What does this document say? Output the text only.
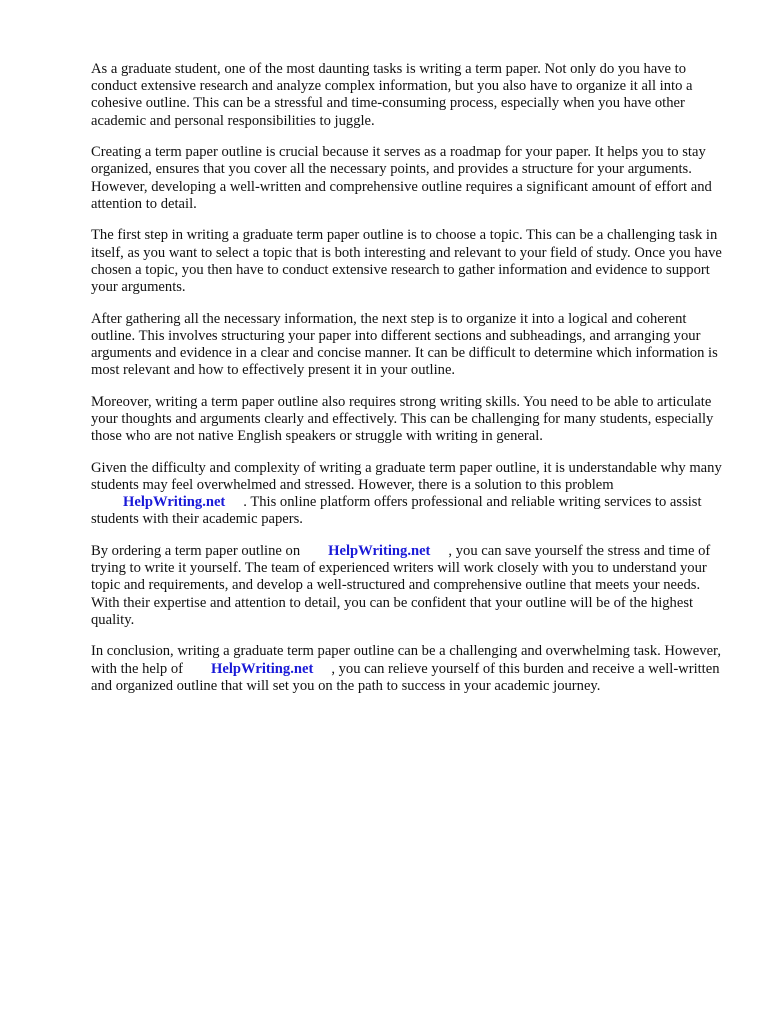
As a graduate student, one of the most daunting tasks is writing a term paper. Not only do you have to conduct extensive research and analyze complex information, but you also have to organize it all into a cohesive outline. This can be a stressful and time-consuming process, especially when you have other academic and personal responsibilities to juggle.

Creating a term paper outline is crucial because it serves as a roadmap for your paper. It helps you to stay organized, ensures that you cover all the necessary points, and provides a structure for your arguments. However, developing a well-written and comprehensive outline requires a significant amount of effort and attention to detail.

The first step in writing a graduate term paper outline is to choose a topic. This can be a challenging task in itself, as you want to select a topic that is both interesting and relevant to your field of study. Once you have chosen a topic, you then have to conduct extensive research to gather information and evidence to support your arguments.

After gathering all the necessary information, the next step is to organize it into a logical and coherent outline. This involves structuring your paper into different sections and subheadings, and arranging your arguments and evidence in a clear and concise manner. It can be difficult to determine which information is most relevant and how to effectively present it in your outline.

Moreover, writing a term paper outline also requires strong writing skills. You need to be able to articulate your thoughts and arguments clearly and effectively. This can be challenging for many students, especially those who are not native English speakers or struggle with writing in general.

Given the difficulty and complexity of writing a graduate term paper outline, it is understandable why many students may feel overwhelmed and stressed. However, there is a solution to this problem
HelpWriting.net . This online platform offers professional and reliable writing services to assist students with their academic papers.

By ordering a term paper outline on HelpWriting.net , you can save yourself the stress and time of trying to write it yourself. The team of experienced writers will work closely with you to understand your topic and requirements, and develop a well-structured and comprehensive outline that meets your needs. With their expertise and attention to detail, you can be confident that your outline will be of the highest quality.

In conclusion, writing a graduate term paper outline can be a challenging and overwhelming task. However, with the help of HelpWriting.net , you can relieve yourself of this burden and receive a well-written and organized outline that will set you on the path to success in your academic journey.
